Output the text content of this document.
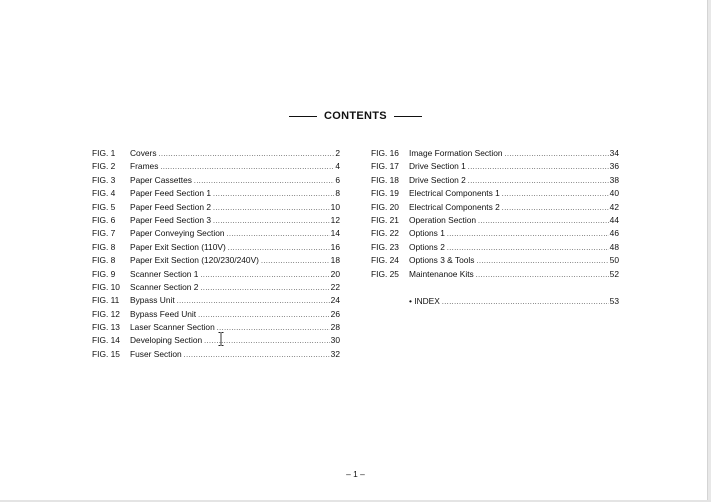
CONTENTS
FIG. 1	Covers .....	2
FIG. 2	Frames .....	4
FIG. 3	Paper Cassettes .....	6
FIG. 4	Paper Feed Section 1 .....	8
FIG. 5	Paper Feed Section 2 .....	10
FIG. 6	Paper Feed Section 3 .....	12
FIG. 7	Paper Conveying Section .....	14
FIG. 8	Paper Exit Section (110V) .....	16
FIG. 8	Paper Exit Section (120/230/240V) .....	18
FIG. 9	Scanner Section 1 .....	20
FIG. 10	Scanner Section 2 .....	22
FIG. 11	Bypass Unit .....	24
FIG. 12	Bypass Feed Unit .....	26
FIG. 13	Laser Scanner Section .....	28
FIG. 14	Developing Section .....	30
FIG. 15	Fuser Section .....	32
FIG. 16	Image Formation Section .....	34
FIG. 17	Drive Section 1 .....	36
FIG. 18	Drive Section 2 .....	38
FIG. 19	Electrical Components 1 .....	40
FIG. 20	Electrical Components 2 .....	42
FIG. 21	Operation Section .....	44
FIG. 22	Options 1 .....	46
FIG. 23	Options 2 .....	48
FIG. 24	Options 3 & Tools .....	50
FIG. 25	Maintenanoe Kits .....	52
• INDEX .....	53
– 1 –
